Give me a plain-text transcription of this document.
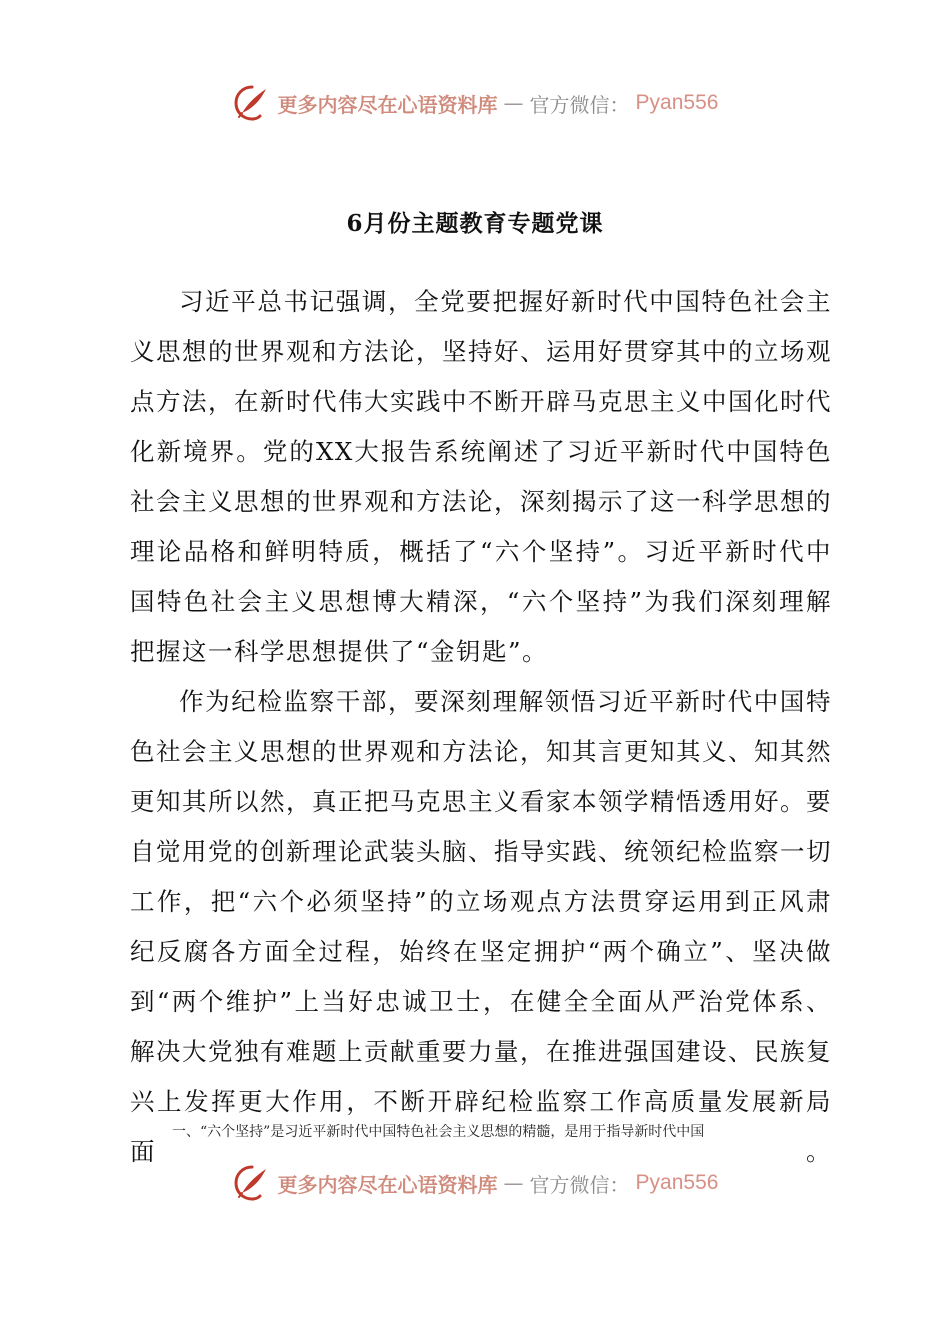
更多内容尽在心语资料库 — 官方微信： Pyan556
6月份主题教育专题党课

习近平总书记强调，全党要把握好新时代中国特色社会主义思想的世界观和方法论，坚持好、运用好贯穿其中的立场观点方法，在新时代伟大实践中不断开辟马克思主义中国化时代化新境界。党的XX大报告系统阐述了习近平新时代中国特色社会主义思想的世界观和方法论，深刻揭示了这一科学思想的理论品格和鲜明特质，概括了“六个坚持”。习近平新时代中国特色社会主义思想博大精深，“六个坚持”为我们深刻理解把握这一科学思想提供了“金钥匙”。

作为纪检监察干部，要深刻理解领悟习近平新时代中国特色社会主义思想的世界观和方法论，知其言更知其义、知其然更知其所以然，真正把马克思主义看家本领学精悟透用好。要自觉用党的创新理论武装头脑、指导实践、统领纪检监察一切工作，把“六个必须坚持”的立场观点方法贯穿运用到正风肃纪反腐各方面全过程，始终在坚定拥护“两个确立”、坚决做到“两个维护”上当好忠诚卫士，在健全全面从严治党体系、解决大党独有难题上贡献重要力量，在推进强国建设、民族复兴上发挥更大作用，不断开辟纪检监察工作高质量发展新局面。

一、“六个坚持”是习近平新时代中国特色社会主义思想的精髓，是用于指导新时代中国
更多内容尽在心语资料库 — 官方微信： Pyan556
